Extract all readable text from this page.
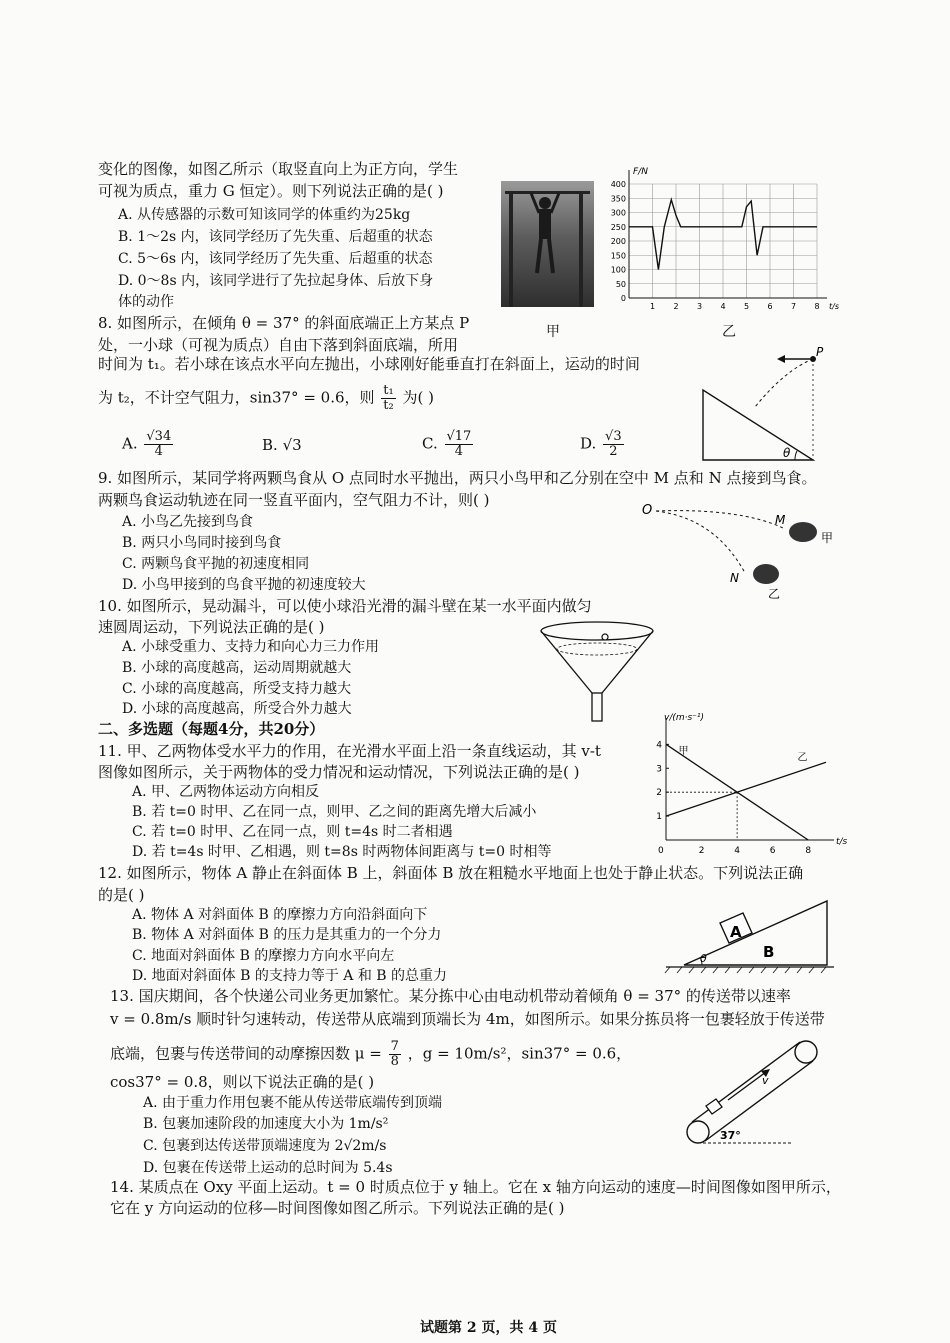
变化的图像，如图乙所示（取竖直向上为正方向，学生
可视为质点，重力 G 恒定）。则下列说法正确的是( )
A. 从传感器的示数可知该同学的体重约为25kg
B. 1～2s 内，该同学经历了先失重、后超重的状态
C. 5～6s 内，该同学经历了先失重、后超重的状态
D. 0～8s 内，该同学进行了先拉起身体、后放下身
体的动作
甲
0
50
100
150
200
250
300
350
400
1 2 3 4 5 6 7 8
F/N
t/s
乙
8. 如图所示，在倾角 θ = 37° 的斜面底端正上方某点 P
处，一小球（可视为质点）自由下落到斜面底端，所用
时间为 t₁。若小球在该点水平向左抛出，小球刚好能垂直打在斜面上，运动的时间
为 t₂，不计空气阻力，sin37° = 0.6，则 $\frac{\text{t₁}}{\text{t₂}}$ 为( )
A. $\frac{√34}{4}$	B. √3	C. $\frac{√17}{4}$	D. $\frac{√3}{2}$
P
θ
9. 如图所示，某同学将两颗鸟食从 O 点同时水平抛出，两只小鸟甲和乙分别在空中 M 点和 N 点接到鸟食。
两颗鸟食运动轨迹在同一竖直平面内，空气阻力不计，则( )
A. 小鸟乙先接到鸟食
B. 两只小鸟同时接到鸟食
C. 两颗鸟食平抛的初速度相同
D. 小鸟甲接到的鸟食平抛的初速度较大
O
M
N
甲
乙
10. 如图所示，晃动漏斗，可以使小球沿光滑的漏斗壁在某一水平面内做匀
速圆周运动，下列说法正确的是( )
A. 小球受重力、支持力和向心力三力作用
B. 小球的高度越高，运动周期就越大
C. 小球的高度越高，所受支持力越大
D. 小球的高度越高，所受合外力越大
二、多选题（每题4分，共20分）
11. 甲、乙两物体受水平力的作用，在光滑水平面上沿一条直线运动，其 v-t
图像如图所示，关于两物体的受力情况和运动情况，下列说法正确的是( )
A. 甲、乙两物体运动方向相反
B. 若 t=0 时甲、乙在同一点，则甲、乙之间的距离先增大后减小
C. 若 t=0 时甲、乙在同一点，则 t=4s 时二者相遇
D. 若 t=4s 时甲、乙相遇，则 t=8s 时两物体间距离与 t=0 时相等
v/(m·s⁻¹)
t/s
0
1
2
3
4
2	4	6	8
甲
乙
12. 如图所示，物体 A 静止在斜面体 B 上，斜面体 B 放在粗糙水平地面上也处于静止状态。下列说法正确
的是( )
A. 物体 A 对斜面体 B 的摩擦力方向沿斜面向下
B. 物体 A 对斜面体 B 的压力是其重力的一个分力
C. 地面对斜面体 B 的摩擦力方向水平向左
D. 地面对斜面体 B 的支持力等于 A 和 B 的总重力
A
B
θ
13. 国庆期间，各个快递公司业务更加繁忙。某分拣中心由电动机带动着倾角 θ = 37° 的传送带以速率
v = 0.8m/s 顺时针匀速转动，传送带从底端到顶端长为 4m，如图所示。如果分拣员将一包裹轻放于传送带
底端，包裹与传送带间的动摩擦因数 $\mu = \frac{7}{8}$ ，g = 10m/s²，sin37° = 0.6，
cos37° = 0.8，则以下说法正确的是( )
A. 由于重力作用包裹不能从传送带底端传到顶端
B. 包裹加速阶段的加速度大小为 1m/s²
C. 包裹到达传送带顶端速度为 2√2m/s
D. 包裹在传送带上运动的总时间为 5.4s
v
37°
14. 某质点在 Oxy 平面上运动。t = 0 时质点位于 y 轴上。它在 x 轴方向运动的速度—时间图像如图甲所示，
它在 y 方向运动的位移—时间图像如图乙所示。下列说法正确的是( )
试题第 2 页，共 4 页
